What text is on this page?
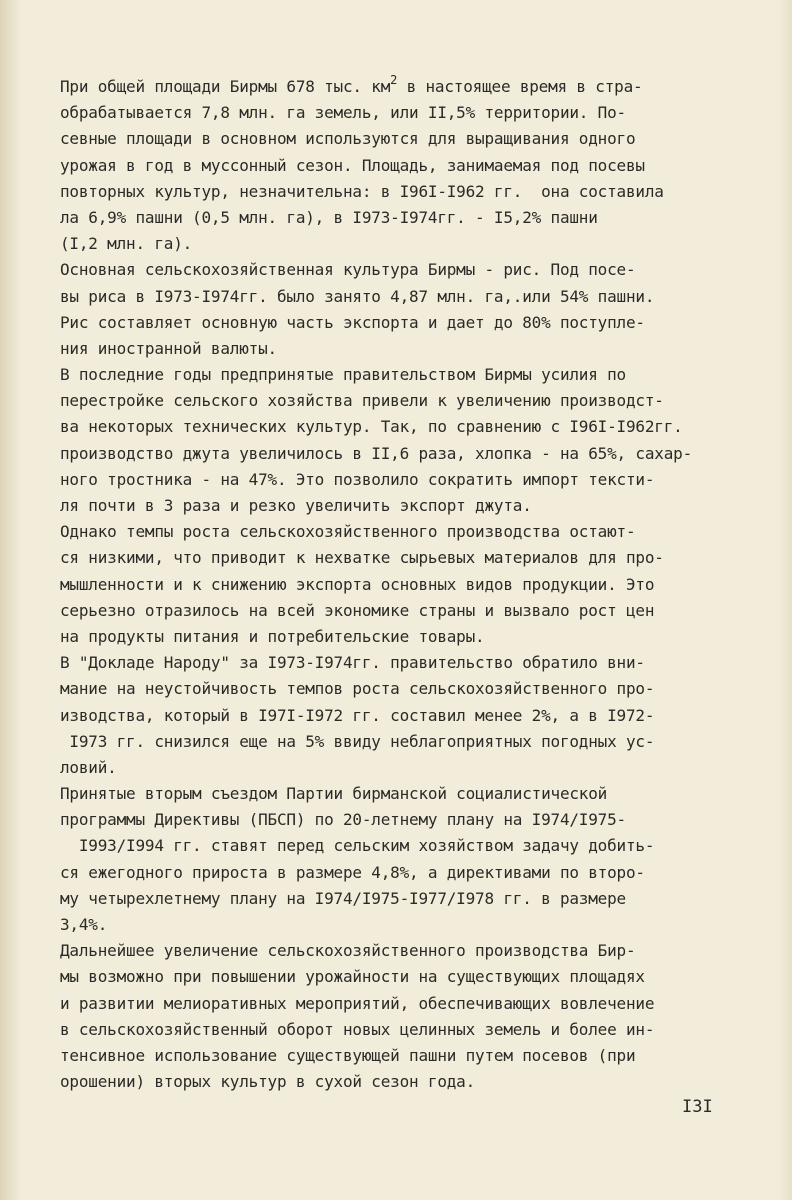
При общей площади Бирмы 678 тыс. $км^2$ в настоящее время в стра-
обрабатывается 7,8 млн. га земель, или II,5% территории. По-
севные площади в основном используются для выращивания одного
урожая в год в муссонный сезон. Площадь, занимаемая под посевы
повторных культур, незначительна: в I96I-I962 гг.  она составила
ла 6,9% пашни (0,5 млн. га), в I973-I974гг. - I5,2% пашни
(I,2 млн. га).
Основная сельскохозяйственная культура Бирмы - рис. Под посе-
вы риса в I973-I974гг. было занято 4,87 млн. га,.или 54% пашни.
Рис составляет основную часть экспорта и дает до 80% поступле-
ния иностранной валюты.
В последние годы предпринятые правительством Бирмы усилия по
перестройке сельского хозяйства привели к увеличению производст-
ва некоторых технических культур. Так, по сравнению с I96I-I962гг.
производство джута увеличилось в II,6 раза, хлопка - на 65%, сахар-
ного тростника - на 47%. Это позволило сократить импорт тексти-
ля почти в 3 раза и резко увеличить экспорт джута.
Однако темпы роста сельскохозяйственного производства остают-
ся низкими, что приводит к нехватке сырьевых материалов для про-
мышленности и к снижению экспорта основных видов продукции. Это
серьезно отразилось на всей экономике страны и вызвало рост цен
на продукты питания и потребительские товары.
В "Докладе Народу" за I973-I974гг. правительство обратило вни-
мание на неустойчивость темпов роста сельскохозяйственного про-
изводства, который в I97I-I972 гг. составил менее 2%, а в I972-
I973 гг. снизился еще на 5% ввиду неблагоприятных погодных ус-
ловий.
Принятые вторым съездом Партии бирманской социалистической
программы Директивы (ПБСП) по 20-летнему плану на I974/I975-
I993/I994 гг. ставят перед сельским хозяйством задачу добить-
ся ежегодного прироста в размере 4,8%, а директивами по второ-
му четырехлетнему плану на I974/I975-I977/I978 гг. в размере
3,4%.
Дальнейшее увеличение сельскохозяйственного производства Бир-
мы возможно при повышении урожайности на существующих площадях
и развитии мелиоративных мероприятий, обеспечивающих вовлечение
в сельскохозяйственный оборот новых целинных земель и более ин-
тенсивное использование существующей пашни путем посевов (при
орошении) вторых культур в сухой сезон года.
I3I
